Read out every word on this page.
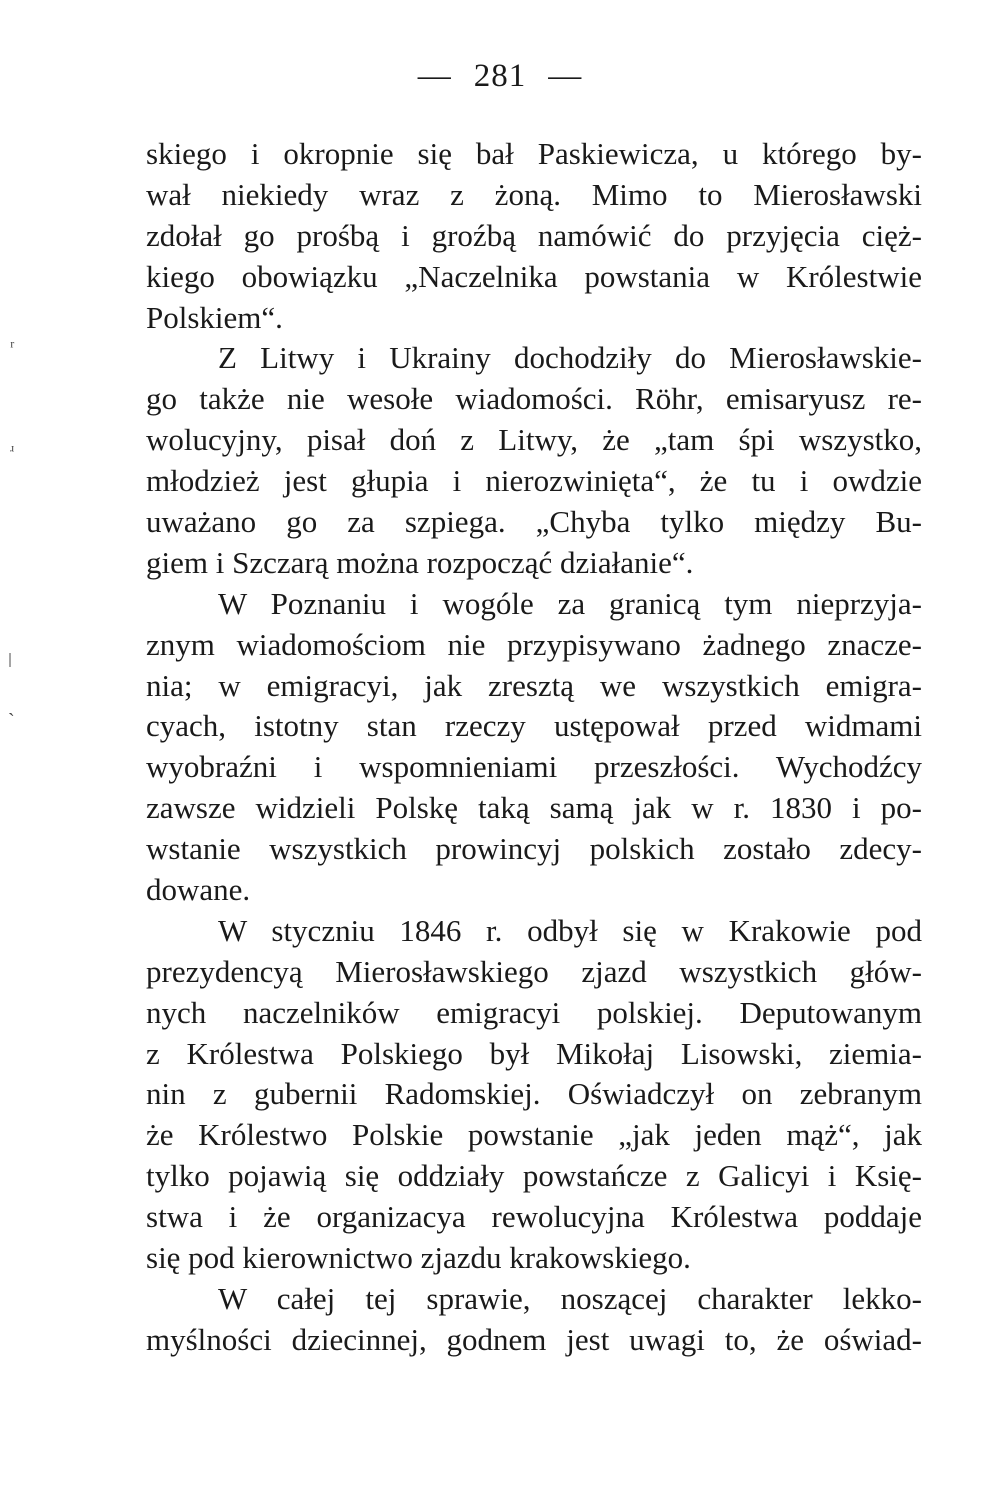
— 281 —
skiego i okropnie się bał Paskiewicza, u którego by-
wał niekiedy wraz z żoną. Mimo to Mierosławski
zdołał go prośbą i groźbą namówić do przyjęcia cięż-
kiego obowiązku „Naczelnika powstania w Królestwie
Polskiem“.
Z Litwy i Ukrainy dochodziły do Mierosławskie-
go także nie wesołe wiadomości. Röhr, emisaryusz re-
wolucyjny, pisał doń z Litwy, że „tam śpi wszystko,
młodzież jest głupia i nierozwinięta“, że tu i owdzie
uważano go za szpiega. „Chyba tylko między Bu-
giem i Szczarą można rozpocząć działanie“.
W Poznaniu i wogóle za granicą tym nieprzyja-
znym wiadomościom nie przypisywano żadnego znacze-
nia; w emigracyi, jak zresztą we wszystkich emigra-
cyach, istotny stan rzeczy ustępował przed widmami
wyobraźni i wspomnieniami przeszłości. Wychodźcy
zawsze widzieli Polskę taką samą jak w r. 1830 i po-
wstanie wszystkich prowincyj polskich zostało zdecy-
dowane.
W styczniu 1846 r. odbył się w Krakowie pod
prezydencyą Mierosławskiego zjazd wszystkich głów-
nych naczelników emigracyi polskiej. Deputowanym
z Królestwa Polskiego był Mikołaj Lisowski, ziemia-
nin z gubernii Radomskiej. Oświadczył on zebranym
że Królestwo Polskie powstanie „jak jeden mąż“, jak
tylko pojawią się oddziały powstańcze z Galicyi i Księ-
stwa i że organizacya rewolucyjna Królestwa poddaje
się pod kierownictwo zjazdu krakowskiego.
W całej tej sprawie, noszącej charakter lekko-
myślności dziecinnej, godnem jest uwagi to, że oświad-
ʳ
ʴ
ǀ
ˋ
